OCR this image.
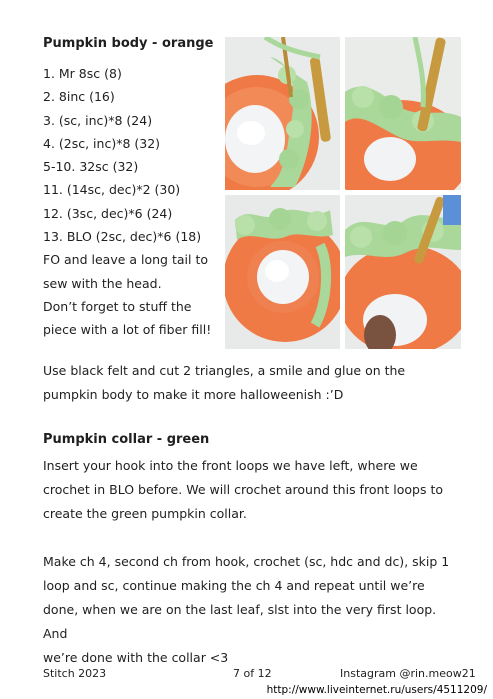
Pumpkin body - orange
1. Mr 8sc (8)
2. 8inc (16)
3. (sc, inc)*8 (24)
4. (2sc, inc)*8 (32)
5-10. 32sc (32)
11. (14sc, dec)*2 (30)
12. (3sc, dec)*6 (24)
13. BLO (2sc, dec)*6 (18)
FO and leave a long tail to
sew with the head.
Don’t forget to stuff the
piece with a lot of fiber fill!
Use black felt and cut 2 triangles, a smile and glue on the
pumpkin body to make it more halloweenish :’D
Pumpkin collar - green
Insert your hook into the front loops we have left, where we
crochet in BLO before. We will crochet around this front loops to
create the green pumpkin collar.
Make ch 4, second ch from hook, crochet (sc, hdc and dc), skip 1
loop and sc, continue making the ch 4 and repeat until we’re
done, when we are on the last leaf, slst into the very first loop. And
we’re done with the collar <3
Stitch 2023	7 of 12	Instagram @rin.meow21
http://www.liveinternet.ru/users/4511209/
